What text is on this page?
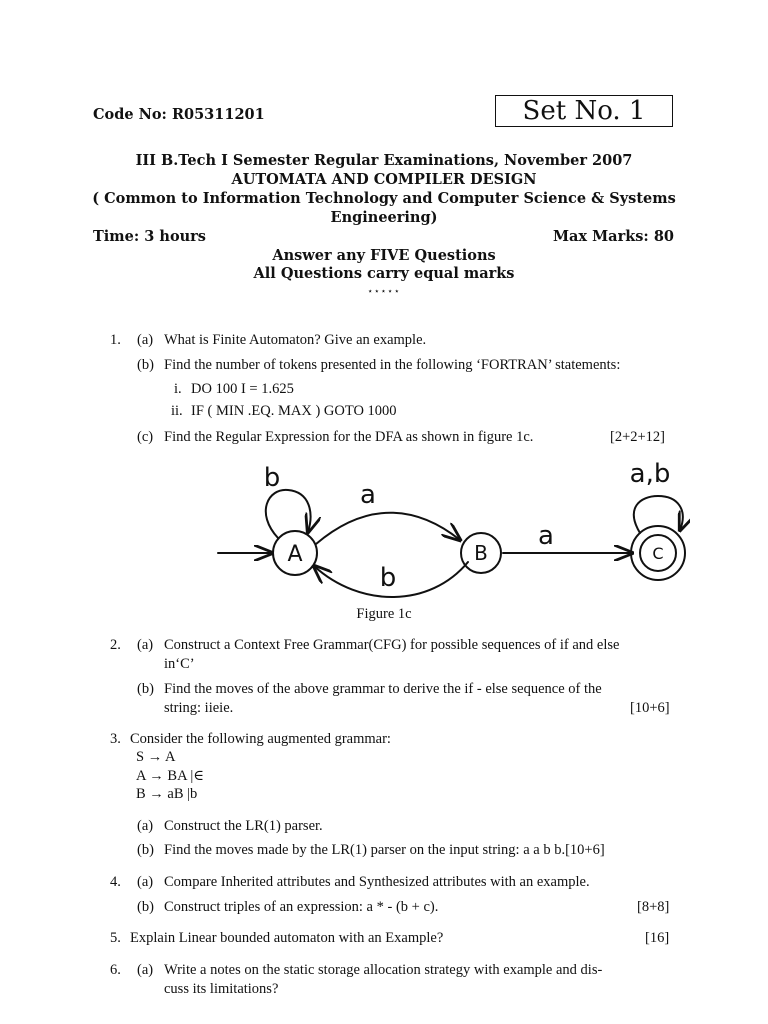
Code No: R05311201	Set No. 1
III B.Tech I Semester Regular Examinations, November 2007
AUTOMATA AND COMPILER DESIGN
( Common to Information Technology and Computer Science & Systems
Engineering)
Time: 3 hours	Max Marks: 80
Answer any FIVE Questions
All Questions carry equal marks
⋆⋆⋆⋆⋆
1. (a) What is Finite Automaton? Give an example.
(b) Find the number of tokens presented in the following ‘FORTRAN’ statements:
i. DO 100 I = 1.625
ii. IF ( MIN .EQ. MAX ) GOTO 1000
(c) Find the Regular Expression for the DFA as shown in figure 1c.	[2+2+12]
A	B	C
b
a
b
a
a,b
Figure 1c
2. (a) Construct a Context Free Grammar(CFG) for possible sequences of if and else
in‘C’
(b) Find the moves of the above grammar to derive the if - else sequence of the
string: iieie.	[10+6]
3. Consider the following augmented grammar:
S → A
A → BA |∈
B → aB |b
(a) Construct the LR(1) parser.
(b) Find the moves made by the LR(1) parser on the input string: a a b b.[10+6]
4. (a) Compare Inherited attributes and Synthesized attributes with an example.
(b) Construct triples of an expression: a * - (b + c).	[8+8]
5. Explain Linear bounded automaton with an Example?	[16]
6. (a) Write a notes on the static storage allocation strategy with example and dis-
cuss its limitations?
